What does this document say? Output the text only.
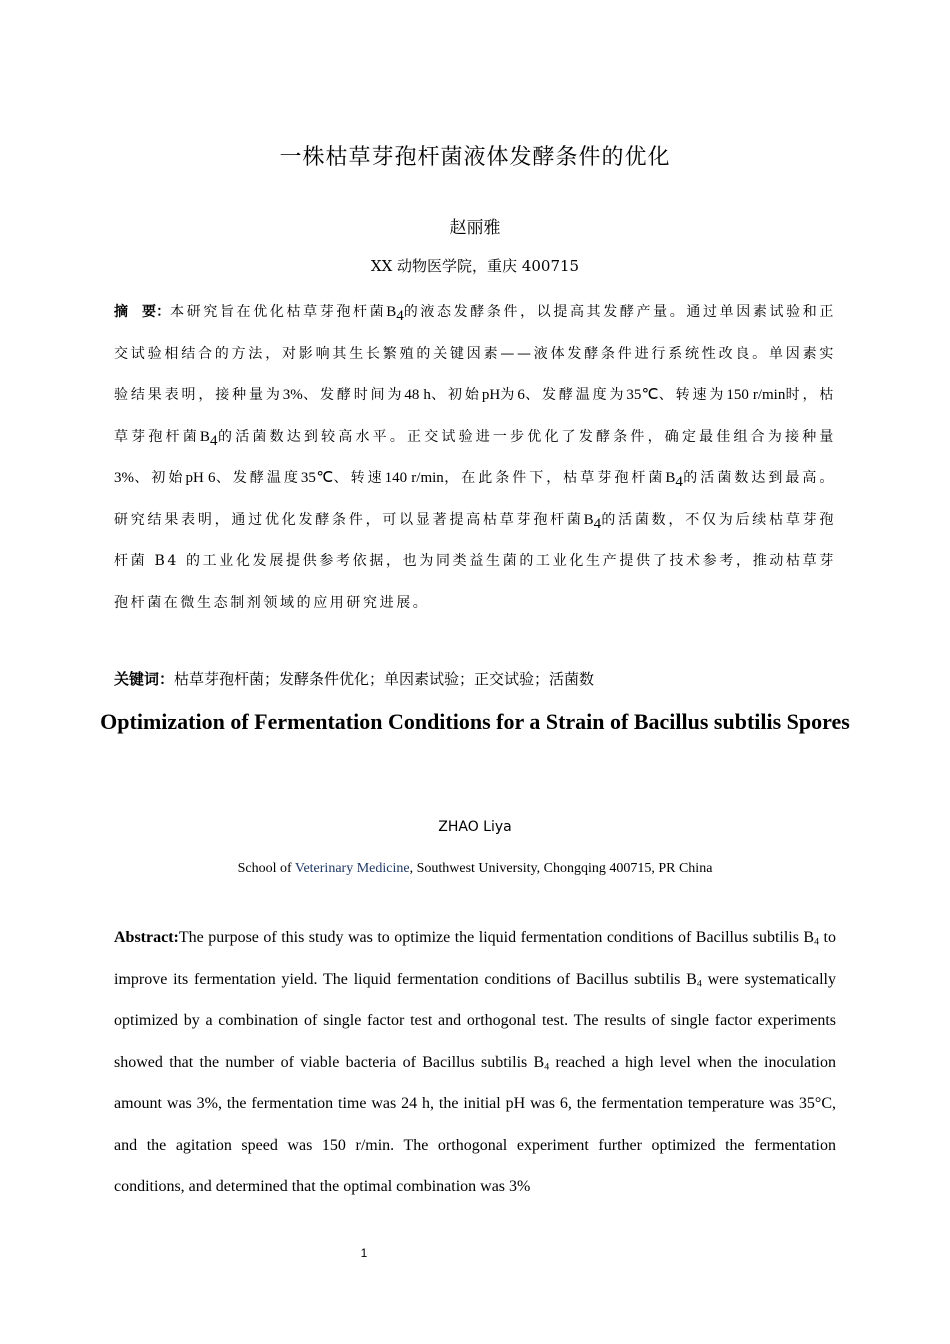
一株枯草芽孢杆菌液体发酵条件的优化
赵丽雅
XX 动物医学院，重庆 400715
摘　要：本研究旨在优化枯草芽孢杆菌$B_4$的液态发酵条件，以提高其发酵产量。通过单因素试验和正交试验相结合的方法，对影响其生长繁殖的关键因素——液体发酵条件进行系统性改良。单因素实验结果表明，接种量为3%、发酵时间为48 h、初始pH为6、发酵温度为35℃、转速为150 r/min时，枯草芽孢杆菌$B_4$的活菌数达到较高水平。正交试验进一步优化了发酵条件，确定最佳组合为接种量3%、初始pH 6、发酵温度35℃、转速140 r/min，在此条件下，枯草芽孢杆菌$B_4$的活菌数达到最高。研究结果表明，通过优化发酵条件，可以显著提高枯草芽孢杆菌$B_4$的活菌数，不仅为后续枯草芽孢杆菌 B4 的工业化发展提供参考依据，也为同类益生菌的工业化生产提供了技术参考，推动枯草芽孢杆菌在微生态制剂领域的应用研究进展。
关键词：枯草芽孢杆菌；发酵条件优化；单因素试验；正交试验；活菌数
Optimization of Fermentation Conditions for a Strain of Bacillus subtilis Spores
ZHAO Liya
School of Veterinary Medicine, Southwest University, Chongqing 400715, PR China
Abstract:The purpose of this study was to optimize the liquid fermentation conditions of Bacillus subtilis $B_4$ to improve its fermentation yield. The liquid fermentation conditions of Bacillus subtilis $B_4$ were systematically optimized by a combination of single factor test and orthogonal test. The results of single factor experiments showed that the number of viable bacteria of Bacillus subtilis $B_4$ reached a high level when the inoculation amount was 3%, the fermentation time was 24 h, the initial pH was 6, the fermentation temperature was 35°C, and the agitation speed was 150 r/min. The orthogonal experiment further optimized the fermentation conditions, and determined that the optimal combination was 3%
1
